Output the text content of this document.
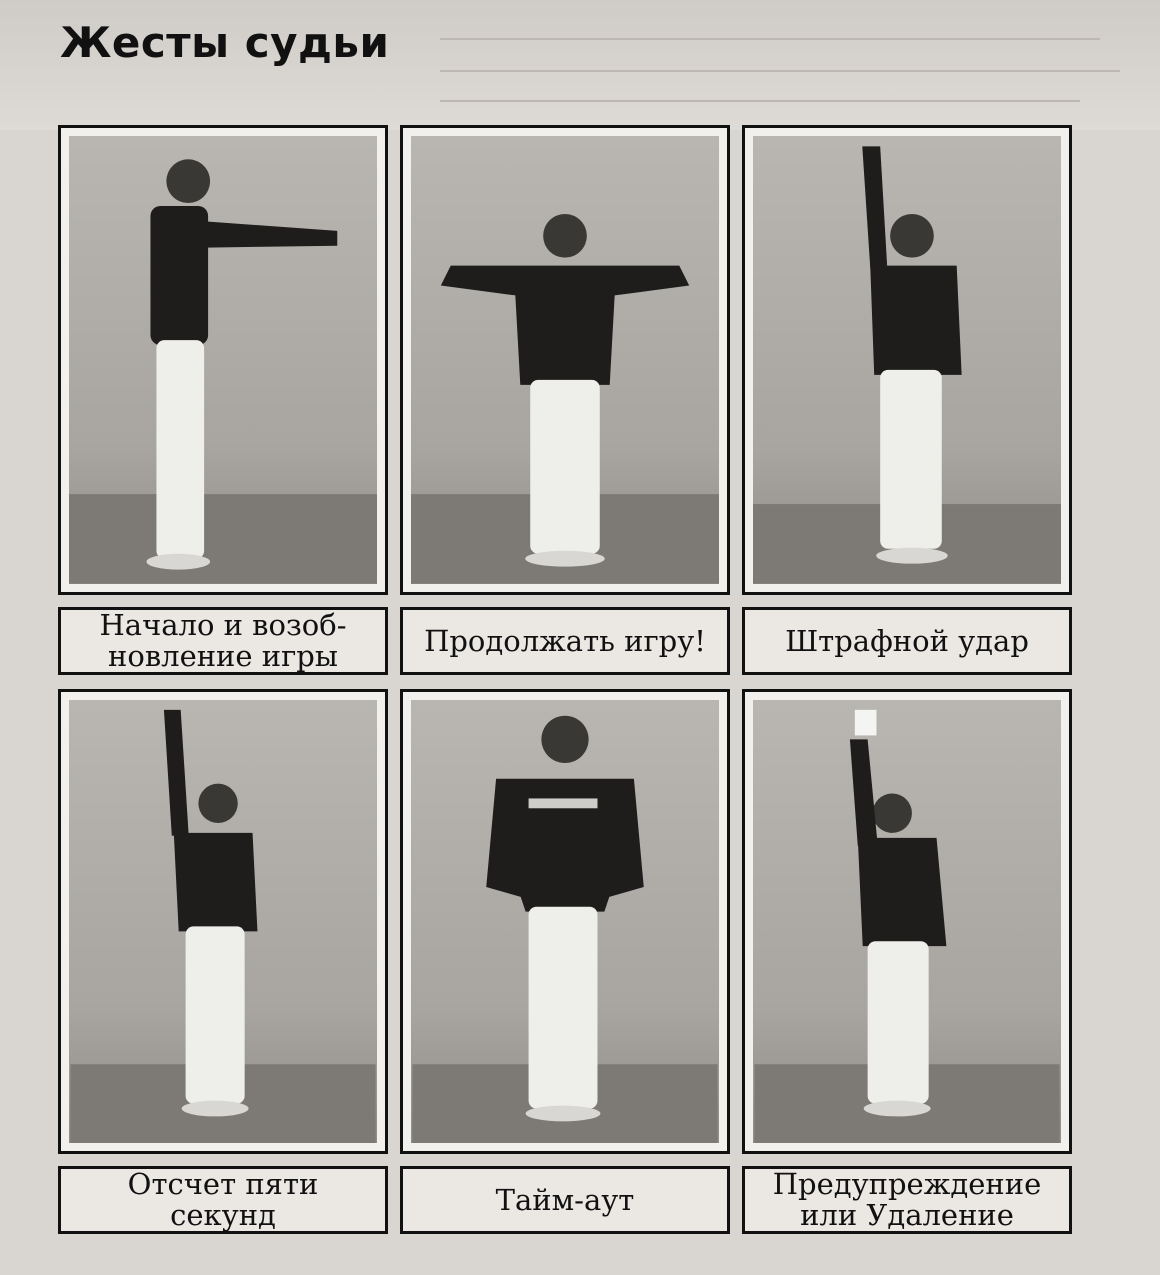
Жесты судьи
Начало и возоб-
новление игры	Продолжать игру!	Штрафной удар
Отсчет пяти
секунд	Тайм-аут	Предупреждение
или Удаление
